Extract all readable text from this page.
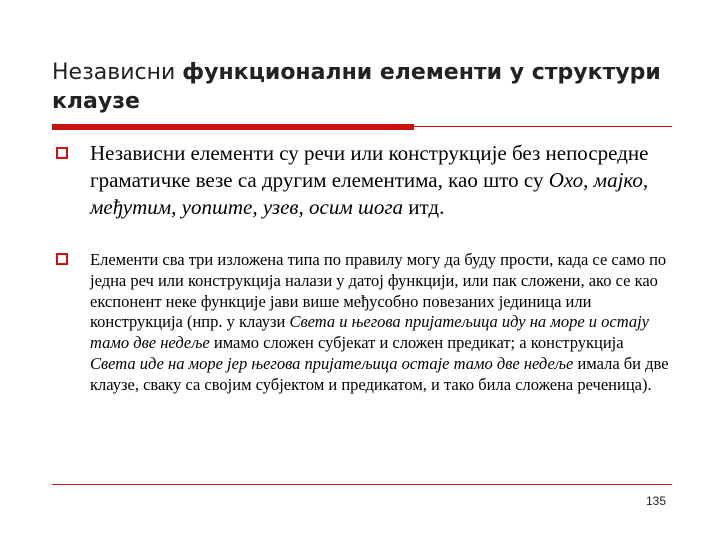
Независни функционални елементи у структури клаузе
Независни елементи су речи или конструкције без непосредне граматичке везе са другим елементима, као што су Охо, мајко, међутим, уопште, узев, осим шога итд.
Елементи сва три изложена типа по правилу могу да буду прости, када се само по једна реч или конструкција налази у датој функцији, или пак сложени, ако се као експонент неке функције јави више међусобно повезаних јединица или конструкција (нпр. у клаузи Света и његова пријатељица иду на море и остају тамо две недеље имамо сложен субјекат и сложен предикат; а конструкција Света иде на море јер његова пријатељица остаје тамо две недеље имала би две клаузе, сваку са својим субјектом и предикатом, и тако била сложена реченица).
135
